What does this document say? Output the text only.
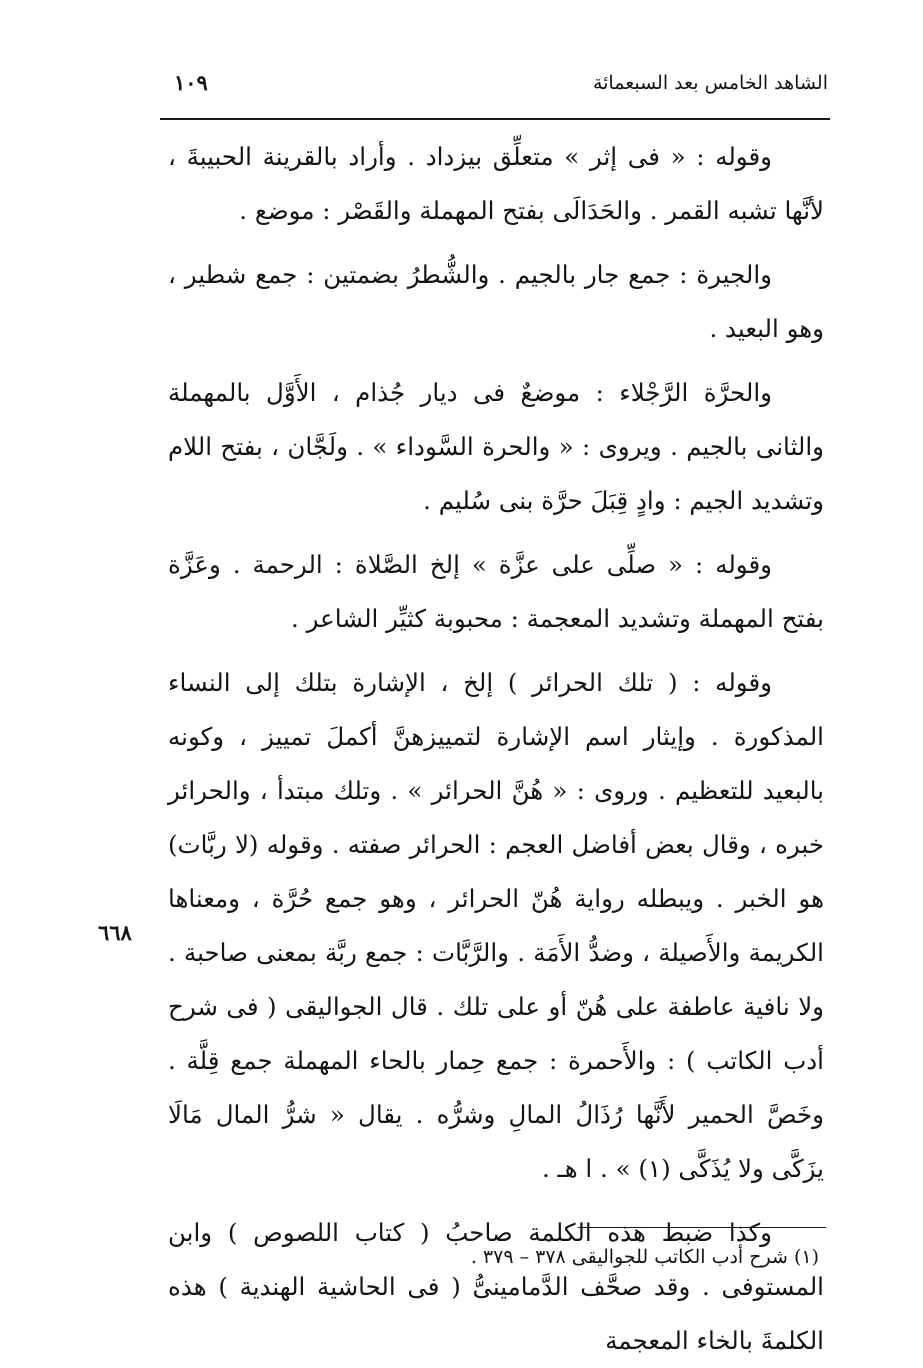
الشاهد الخامس بعد السبعمائة
١٠٩

وقوله : « فى إثر » متعلِّق بيزداد . وأراد بالقرينة الحبيبةَ ، لأنَّها تشبه القمر . والحَدَالَى بفتح المهملة والقَصْر : موضع .

والجيرة : جمع جار بالجيم . والشُّطرُ بضمتين : جمع شطير ، وهو البعيد .

والحرَّة الرَّجْلاء : موضعٌ فى ديار جُذام ، الأَوَّل بالمهملة والثانى بالجيم . ويروى : « والحرة السَّوداء » . ولَجَّان ، بفتح اللام وتشديد الجيم : وادٍ قِبَلَ حرَّة بنى سُليم .

وقوله : « صلِّى على عزَّة » إلخ الصَّلاة : الرحمة . وعَزَّة بفتح المهملة وتشديد المعجمة : محبوبة كثيِّر الشاعر .

وقوله : ( تلك الحرائر ) إلخ ، الإشارة بتلك إلى النساء المذكورة . وإيثار اسم الإشارة لتمييزهنَّ أكملَ تمييز ، وكونه بالبعيد للتعظيم . وروى : « هُنَّ الحرائر » . وتلك مبتدأ ، والحرائر خبره ، وقال بعض أفاضل العجم : الحرائر صفته . وقوله (لا ربَّات) هو الخبر . ويبطله رواية هُنّ الحرائر ، وهو جمع حُرَّة ، ومعناها الكريمة والأَصيلة ، وضدُّ الأَمَة . والرَّبَّات : جمع ربَّة بمعنى صاحبة . ولا نافية عاطفة على هُنّ أو على تلك . قال الجواليقى ( فى شرح أدب الكاتب ) : والأَحمرة : جمع حِمار بالحاء المهملة جمع قِلَّة . وخَصَّ الحمير لأَنَّها رُذَالُ المالِ وشرُّه . يقال « شرُّ المال مَالَا يزَكَّى ولا يُذَكَّى (١) » . ا هـ .

وكذا ضبط هذه الكلمة صاحبُ ( كتاب اللصوص ) وابن المستوفى . وقد صحَّف الدَّمامينىُّ ( فى الحاشية الهندية ) هذه الكلمةَ بالخاء المعجمة

٦٦٨
(١) شرح أدب الكاتب للجواليقى ٣٧٨ – ٣٧٩ .
